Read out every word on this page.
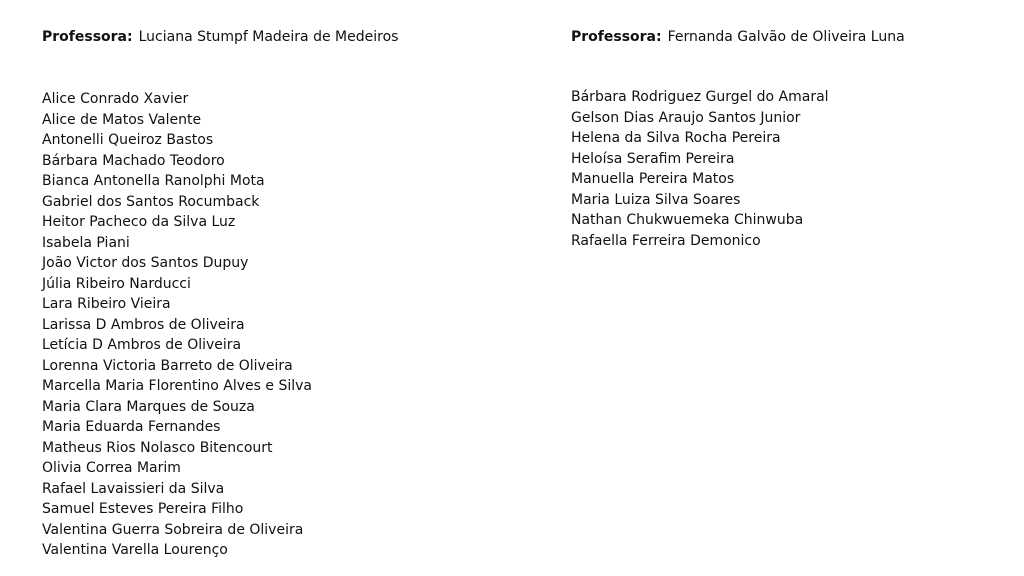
Professora: Luciana Stumpf Madeira de Medeiros
Alice Conrado Xavier
Alice de Matos Valente
Antonelli Queiroz Bastos
Bárbara Machado Teodoro
Bianca Antonella Ranolphi Mota
Gabriel dos Santos Rocumback
Heitor Pacheco da Silva Luz
Isabela Piani
João Victor dos Santos Dupuy
Júlia Ribeiro Narducci
Lara Ribeiro Vieira
Larissa D Ambros de Oliveira
Letícia D Ambros de Oliveira
Lorenna Victoria Barreto de Oliveira
Marcella Maria Florentino Alves e Silva
Maria Clara Marques de Souza
Maria Eduarda Fernandes
Matheus Rios Nolasco Bitencourt
Olivia Correa Marim
Rafael Lavaissieri da Silva
Samuel Esteves Pereira Filho
Valentina Guerra Sobreira de Oliveira
Valentina Varella Lourenço
Professora: Fernanda Galvão de Oliveira Luna
Bárbara Rodriguez Gurgel do Amaral
Gelson Dias Araujo Santos Junior
Helena da Silva Rocha Pereira
Heloísa Serafim Pereira
Manuella Pereira Matos
Maria Luiza Silva Soares
Nathan Chukwuemeka Chinwuba
Rafaella Ferreira Demonico
